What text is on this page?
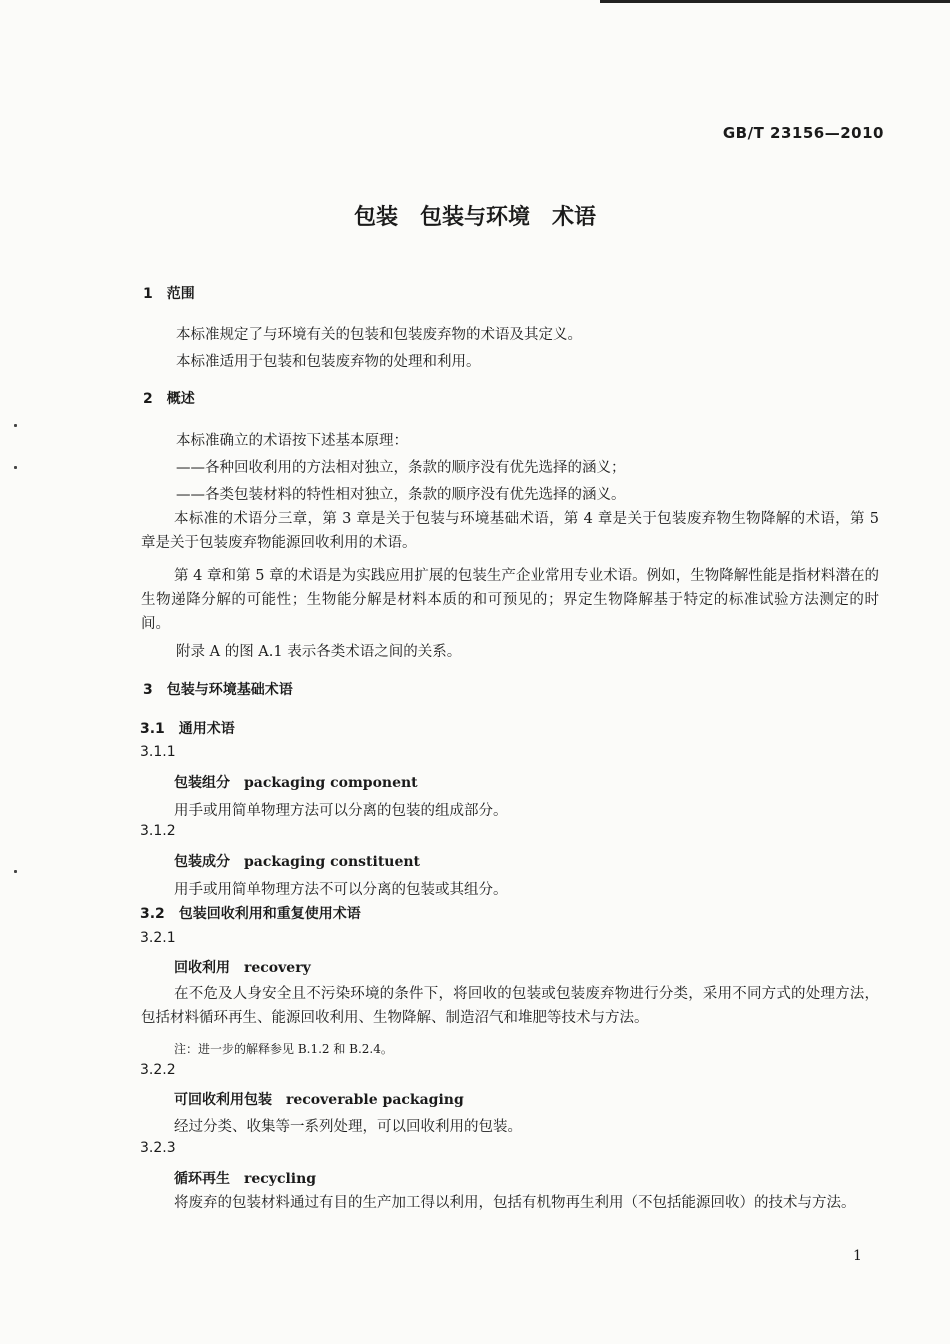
GB/T 23156—2010
包装　包装与环境　术语
1　范围
本标准规定了与环境有关的包装和包装废弃物的术语及其定义。
本标准适用于包装和包装废弃物的处理和利用。
2　概述
本标准确立的术语按下述基本原理：
——各种回收利用的方法相对独立，条款的顺序没有优先选择的涵义；
——各类包装材料的特性相对独立，条款的顺序没有优先选择的涵义。
本标准的术语分三章，第 3 章是关于包装与环境基础术语，第 4 章是关于包装废弃物生物降解的术语，第 5 章是关于包装废弃物能源回收利用的术语。
第 4 章和第 5 章的术语是为实践应用扩展的包装生产企业常用专业术语。例如，生物降解性能是指材料潜在的生物递降分解的可能性；生物能分解是材料本质的和可预见的；界定生物降解基于特定的标准试验方法测定的时间。
附录 A 的图 A.1 表示各类术语之间的关系。
3　包装与环境基础术语
3.1　通用术语
3.1.1
包装组分　 packaging component
用手或用简单物理方法可以分离的包装的组成部分。
3.1.2
包装成分　 packaging constituent
用手或用简单物理方法不可以分离的包装或其组分。
3.2　包装回收利用和重复使用术语
3.2.1
回收利用　 recovery
在不危及人身安全且不污染环境的条件下，将回收的包装或包装废弃物进行分类，采用不同方式的处理方法，包括材料循环再生、能源回收利用、生物降解、制造沼气和堆肥等技术与方法。
注：进一步的解释参见 B.1.2 和 B.2.4。
3.2.2
可回收利用包装　 recoverable packaging
经过分类、收集等一系列处理，可以回收利用的包装。
3.2.3
循环再生　 recycling
将废弃的包装材料通过有目的生产加工得以利用，包括有机物再生利用（不包括能源回收）的技术与方法。
1
